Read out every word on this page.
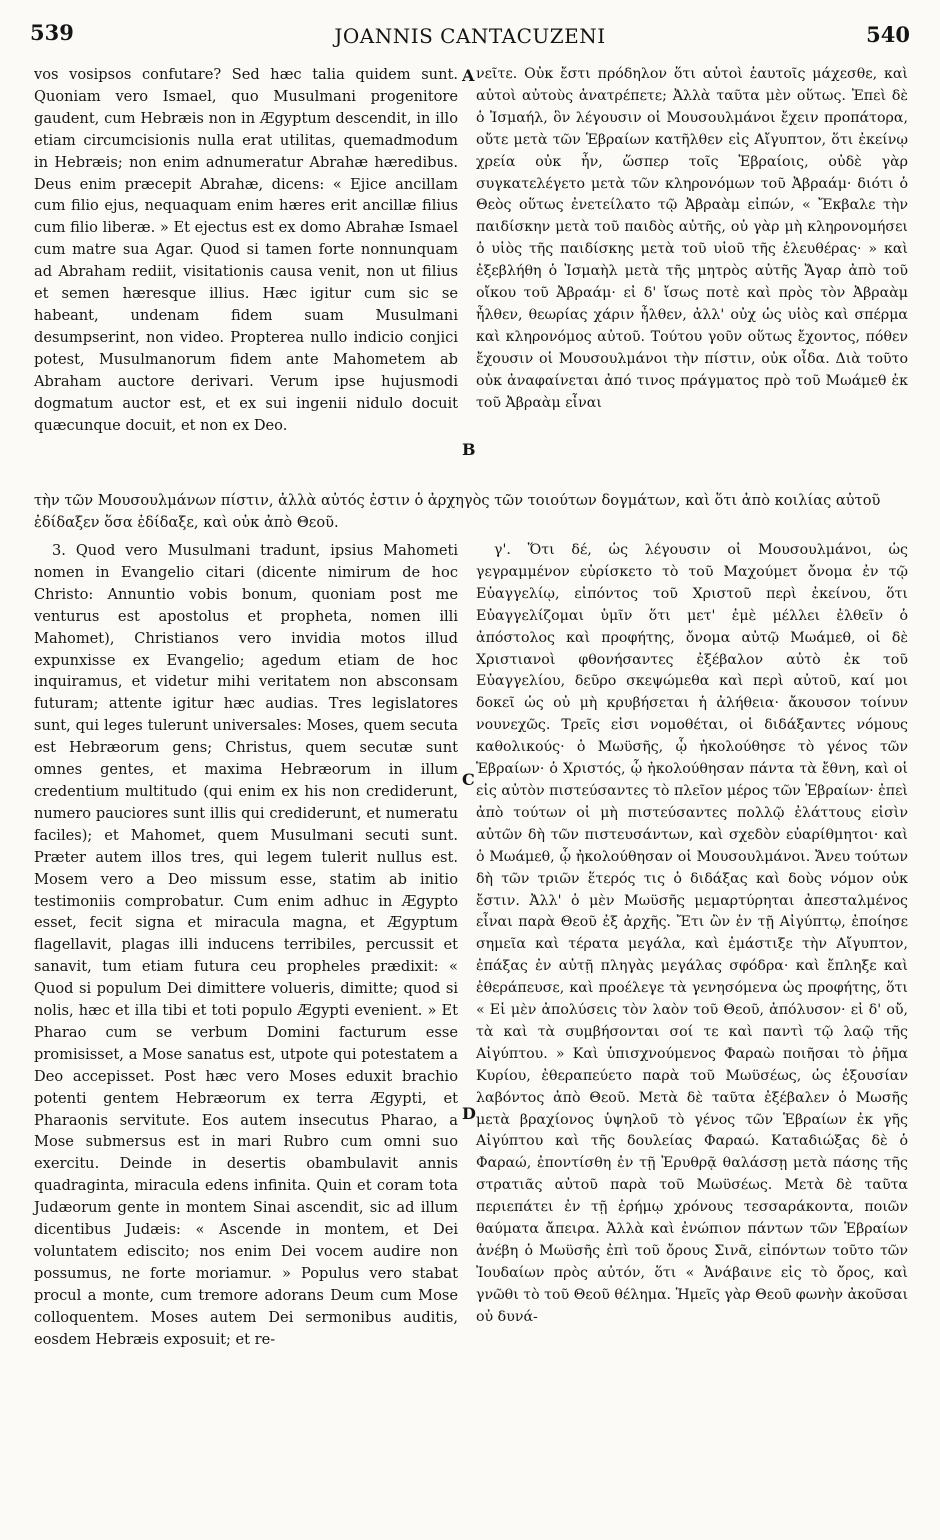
539	JOANNIS CANTACUZENI	540
A
B
C
D

vos vosipsos confutare? Sed hæc talia quidem sunt. Quoniam vero Ismael, quo Musulmani progenitore gaudent, cum Hebræis non in Ægyptum descendit, in illo etiam circumcisionis nulla erat utilitas, quemadmodum in Hebræis; non enim adnumeratur Abrahæ hæredibus. Deus enim præcepit Abrahæ, dicens: « Ejice ancillam cum filio ejus, nequaquam enim hæres erit ancillæ filius cum filio liberæ. » Et ejectus est ex domo Abrahæ Ismael cum matre sua Agar. Quod si tamen forte nonnunquam ad Abraham rediit, visitationis causa venit, non ut filius et semen hæresque illius. Hæc igitur cum sic se habeant, undenam fidem suam Musulmani desumpserint, non video. Propterea nullo indicio conjici potest, Musulmanorum fidem ante Mahometem ab Abraham auctore derivari. Verum ipse hujusmodi dogmatum auctor est, et ex sui ingenii nidulo docuit quæcunque docuit, et non ex Deo.

νεῖτε. Οὐκ ἔστι πρόδηλον ὅτι αὐτοὶ ἑαυτοῖς μάχεσθε, καὶ αὐτοὶ αὐτοὺς ἀνατρέπετε; Ἀλλὰ ταῦτα μὲν οὕτως. Ἐπεὶ δὲ ὁ Ἰσμαήλ, ὃν λέγουσιν οἱ Μουσουλμάνοι ἔχειν προπάτορα, οὔτε μετὰ τῶν Ἑβραίων κατῆλθεν εἰς Αἴγυπτον, ὅτι ἐκείνῳ χρεία οὐκ ἦν, ὥσπερ τοῖς Ἑβραίοις, οὐδὲ γὰρ συγκατελέγετο μετὰ τῶν κληρονόμων τοῦ Ἀβραάμ· διότι ὁ Θεὸς οὕτως ἐνετείλατο τῷ Ἀβραὰμ εἰπών, « Ἔκβαλε τὴν παιδίσκην μετὰ τοῦ παιδὸς αὐτῆς, οὐ γὰρ μὴ κληρονομήσει ὁ υἱὸς τῆς παιδίσκης μετὰ τοῦ υἱοῦ τῆς ἐλευθέρας· » καὶ ἐξεβλήθη ὁ Ἰσμαὴλ μετὰ τῆς μητρὸς αὐτῆς Ἄγαρ ἀπὸ τοῦ οἴκου τοῦ Ἀβραάμ· εἰ δ' ἴσως ποτὲ καὶ πρὸς τὸν Ἀβραὰμ ἦλθεν, θεωρίας χάριν ἦλθεν, ἀλλ' οὐχ ὡς υἱὸς καὶ σπέρμα καὶ κληρονόμος αὐτοῦ. Τούτου γοῦν οὕτως ἔχοντος, πόθεν ἔχουσιν οἱ Μουσουλμάνοι τὴν πίστιν, οὐκ οἶδα. Διὰ τοῦτο οὐκ ἀναφαίνεται ἀπό τινος πράγματος πρὸ τοῦ Μωάμεθ ἐκ τοῦ Ἀβραὰμ εἶναι

τὴν τῶν Μουσουλμάνων πίστιν, ἀλλὰ αὐτός ἐστιν ὁ ἀρχηγὸς τῶν τοιούτων δογμάτων, καὶ ὅτι ἀπὸ κοιλίας αὐτοῦ ἐδίδαξεν ὅσα ἐδίδαξε, καὶ οὐκ ἀπὸ Θεοῦ.

3. Quod vero Musulmani tradunt, ipsius Mahometi nomen in Evangelio citari (dicente nimirum de hoc Christo: Annuntio vobis bonum, quoniam post me venturus est apostolus et propheta, nomen illi Mahomet), Christianos vero invidia motos illud expunxisse ex Evangelio; agedum etiam de hoc inquiramus, et videtur mihi veritatem non absconsam futuram; attente igitur hæc audias. Tres legislatores sunt, qui leges tulerunt universales: Moses, quem secuta est Hebræorum gens; Christus, quem secutæ sunt omnes gentes, et maxima Hebræorum in illum credentium multitudo (qui enim ex his non crediderunt, numero pauciores sunt illis qui crediderunt, et numeratu faciles); et Mahomet, quem Musulmani secuti sunt. Præter autem illos tres, qui legem tulerit nullus est. Mosem vero a Deo missum esse, statim ab initio testimoniis comprobatur. Cum enim adhuc in Ægypto esset, fecit signa et miracula magna, et Ægyptum flagellavit, plagas illi inducens terribiles, percussit et sanavit, tum etiam futura ceu propheles prædixit: « Quod si populum Dei dimittere volueris, dimitte; quod si nolis, hæc et illa tibi et toti populo Ægypti evenient. » Et Pharao cum se verbum Domini facturum esse promisisset, a Mose sanatus est, utpote qui potestatem a Deo accepisset. Post hæc vero Moses eduxit brachio potenti gentem Hebræorum ex terra Ægypti, et Pharaonis servitute. Eos autem insecutus Pharao, a Mose submersus est in mari Rubro cum omni suo exercitu. Deinde in desertis obambulavit annis quadraginta, miracula edens infinita. Quin et coram tota Judæorum gente in montem Sinai ascendit, sic ad illum dicentibus Judæis: « Ascende in montem, et Dei voluntatem ediscito; nos enim Dei vocem audire non possumus, ne forte moriamur. » Populus vero stabat procul a monte, cum tremore adorans Deum cum Mose colloquentem. Moses autem Dei sermonibus auditis, eosdem Hebræis exposuit; et re-

γ'. Ὅτι δέ, ὡς λέγουσιν οἱ Μουσουλμάνοι, ὡς γεγραμμένον εὑρίσκετο τὸ τοῦ Μαχούμετ ὄνομα ἐν τῷ Εὐαγγελίῳ, εἰπόντος τοῦ Χριστοῦ περὶ ἐκείνου, ὅτι Εὐαγγελίζομαι ὑμῖν ὅτι μετ' ἐμὲ μέλλει ἐλθεῖν ὁ ἀπόστολος καὶ προφήτης, ὄνομα αὐτῷ Μωάμεθ, οἱ δὲ Χριστιανοὶ φθονήσαντες ἐξέβαλον αὐτὸ ἐκ τοῦ Εὐαγγελίου, δεῦρο σκεψώμεθα καὶ περὶ αὐτοῦ, καί μοι δοκεῖ ὡς οὐ μὴ κρυβήσεται ἡ ἀλήθεια· ἄκουσον τοίνυν νουνεχῶς. Τρεῖς εἰσι νομοθέται, οἱ διδάξαντες νόμους καθολικούς· ὁ Μωϋσῆς, ᾧ ἠκολούθησε τὸ γένος τῶν Ἑβραίων· ὁ Χριστός, ᾧ ἠκολούθησαν πάντα τὰ ἔθνη, καὶ οἱ εἰς αὐτὸν πιστεύσαντες τὸ πλεῖον μέρος τῶν Ἑβραίων· ἐπεὶ ἀπὸ τούτων οἱ μὴ πιστεύσαντες πολλῷ ἐλάττους εἰσὶν αὐτῶν δὴ τῶν πιστευσάντων, καὶ σχεδὸν εὐαρίθμητοι· καὶ ὁ Μωάμεθ, ᾧ ἠκολούθησαν οἱ Μουσουλμάνοι. Ἄνευ τούτων δὴ τῶν τριῶν ἕτερός τις ὁ διδάξας καὶ δοὺς νόμον οὐκ ἔστιν. Ἀλλ' ὁ μὲν Μωϋσῆς μεμαρτύρηται ἀπεσταλμένος εἶναι παρὰ Θεοῦ ἐξ ἀρχῆς. Ἔτι ὢν ἐν τῇ Αἰγύπτῳ, ἐποίησε σημεῖα καὶ τέρατα μεγάλα, καὶ ἐμάστιξε τὴν Αἴγυπτον, ἐπάξας ἐν αὐτῇ πληγὰς μεγάλας σφόδρα· καὶ ἔπληξε καὶ ἐθεράπευσε, καὶ προέλεγε τὰ γενησόμενα ὡς προφήτης, ὅτι « Εἰ μὲν ἀπολύσεις τὸν λαὸν τοῦ Θεοῦ, ἀπόλυσον· εἰ δ' οὔ, τὰ καὶ τὰ συμβήσονται σοί τε καὶ παντὶ τῷ λαῷ τῆς Αἰγύπτου. » Καὶ ὑπισχνούμενος Φαραὼ ποιῆσαι τὸ ῥῆμα Κυρίου, ἐθεραπεύετο παρὰ τοῦ Μωϋσέως, ὡς ἐξουσίαν λαβόντος ἀπὸ Θεοῦ. Μετὰ δὲ ταῦτα ἐξέβαλεν ὁ Μωσῆς μετὰ βραχίονος ὑψηλοῦ τὸ γένος τῶν Ἑβραίων ἐκ γῆς Αἰγύπτου καὶ τῆς δουλείας Φαραώ. Καταδιώξας δὲ ὁ Φαραώ, ἐποντίσθη ἐν τῇ Ἐρυθρᾷ θαλάσσῃ μετὰ πάσης τῆς στρατιᾶς αὐτοῦ παρὰ τοῦ Μωϋσέως. Μετὰ δὲ ταῦτα περιεπάτει ἐν τῇ ἐρήμῳ χρόνους τεσσαράκοντα, ποιῶν θαύματα ἄπειρα. Ἀλλὰ καὶ ἐνώπιον πάντων τῶν Ἑβραίων ἀνέβη ὁ Μωϋσῆς ἐπὶ τοῦ ὄρους Σινᾶ, εἰπόντων τοῦτο τῶν Ἰουδαίων πρὸς αὐτόν, ὅτι « Ἀνάβαινε εἰς τὸ ὄρος, καὶ γνῶθι τὸ τοῦ Θεοῦ θέλημα. Ἡμεῖς γὰρ Θεοῦ φωνὴν ἀκοῦσαι οὐ δυνά-
